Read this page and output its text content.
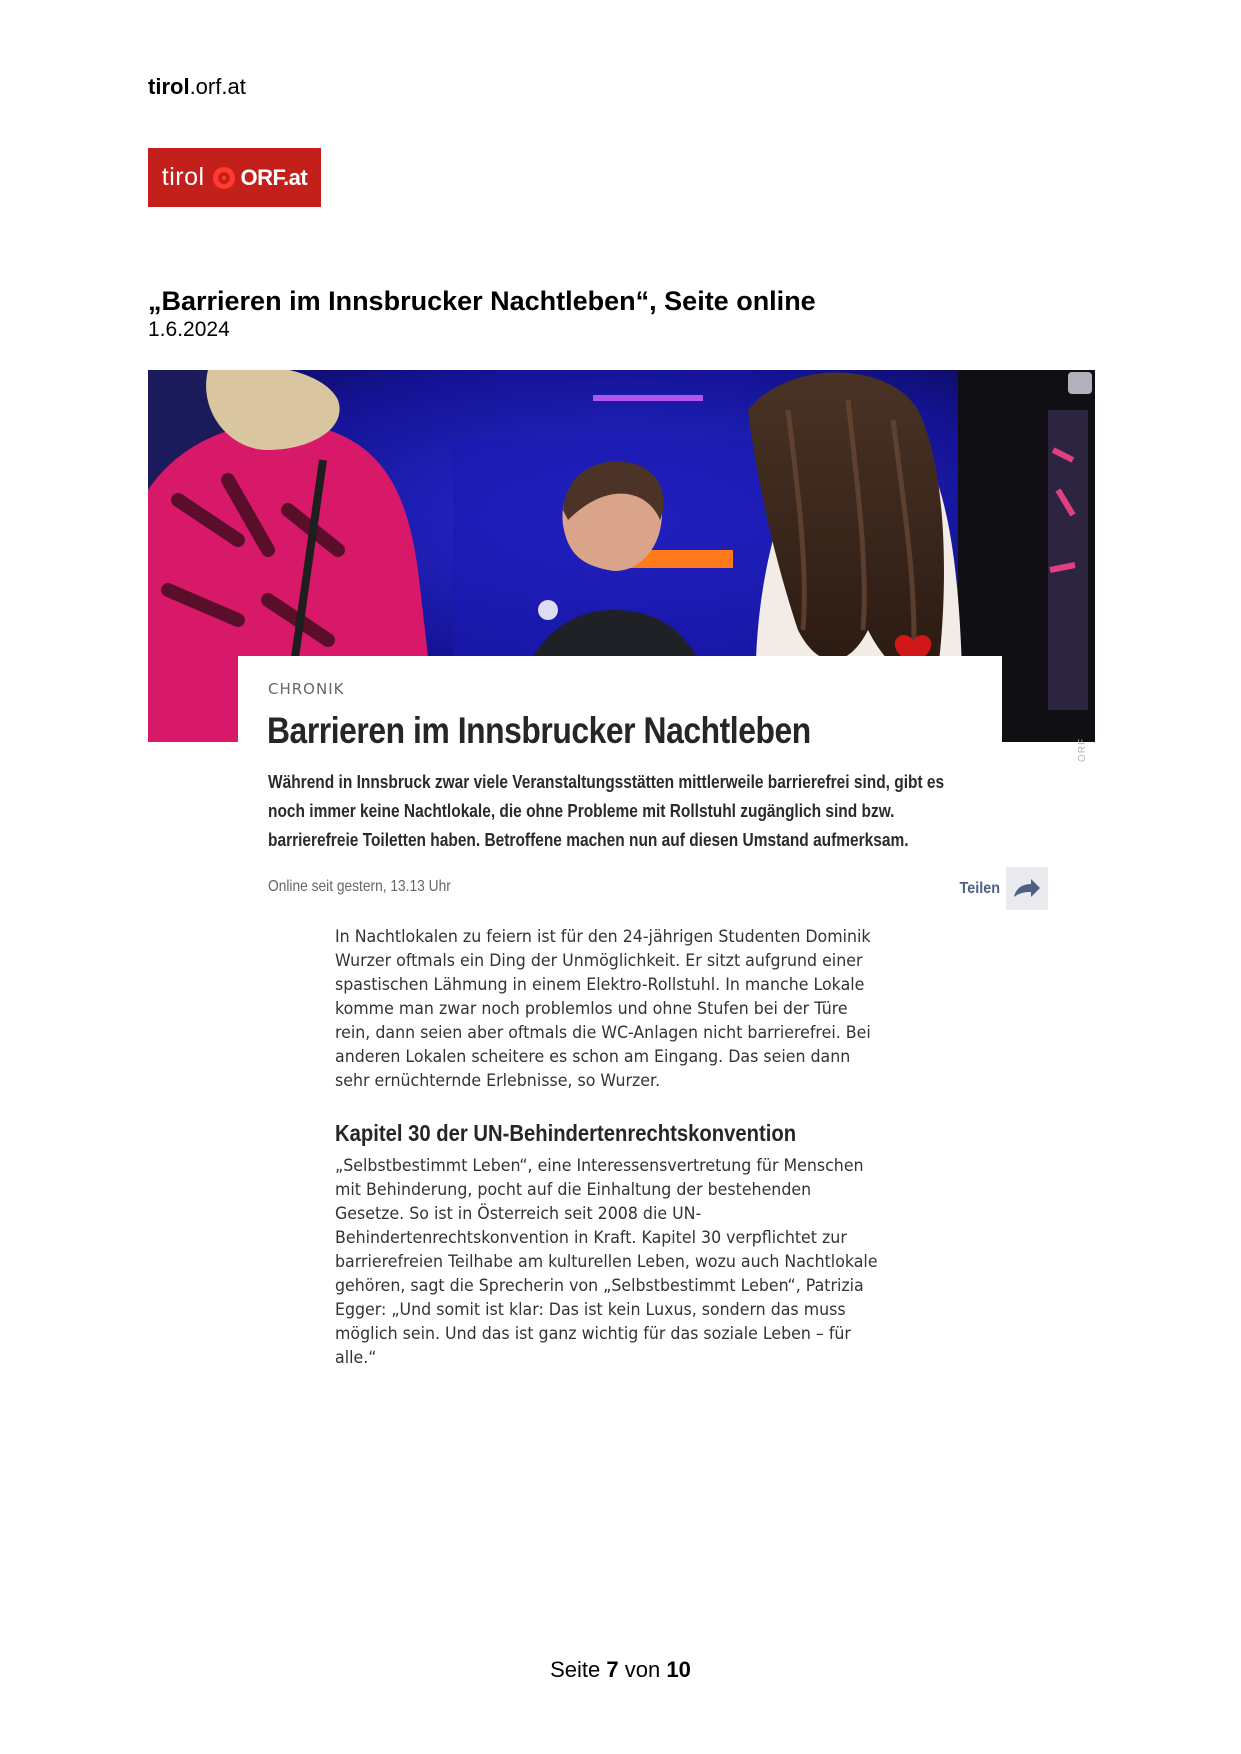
tirol.orf.at
tirol ORF.at
„Barrieren im Innsbrucker Nachtleben“, Seite online
1.6.2024
CHRONIK
Barrieren im Innsbrucker Nachtleben
Während in Innsbruck zwar viele Veranstaltungsstätten mittlerweile barrierefrei sind, gibt es noch immer keine Nachtlokale, die ohne Probleme mit Rollstuhl zugänglich sind bzw. barrierefreie Toiletten haben. Betroffene machen nun auf diesen Umstand aufmerksam.
Online seit gestern, 13.13 Uhr	Teilen
ORF

In Nachtlokalen zu feiern ist für den 24-jährigen Studenten Dominik Wurzer oftmals ein Ding der Unmöglichkeit. Er sitzt aufgrund einer spastischen Lähmung in einem Elektro-Rollstuhl. In manche Lokale komme man zwar noch problemlos und ohne Stufen bei der Türe rein, dann seien aber oftmals die WC-Anlagen nicht barrierefrei. Bei anderen Lokalen scheitere es schon am Eingang. Das seien dann sehr ernüchternde Erlebnisse, so Wurzer.

Kapitel 30 der UN-Behindertenrechtskonvention

„Selbstbestimmt Leben“, eine Interessensvertretung für Menschen mit Behinderung, pocht auf die Einhaltung der bestehenden Gesetze. So ist in Österreich seit 2008 die UN-Behindertenrechtskonvention in Kraft. Kapitel 30 verpflichtet zur barrierefreien Teilhabe am kulturellen Leben, wozu auch Nachtlokale gehören, sagt die Sprecherin von „Selbstbestimmt Leben“, Patrizia Egger: „Und somit ist klar: Das ist kein Luxus, sondern das muss möglich sein. Und das ist ganz wichtig für das soziale Leben – für alle.“

Seite 7 von 10
